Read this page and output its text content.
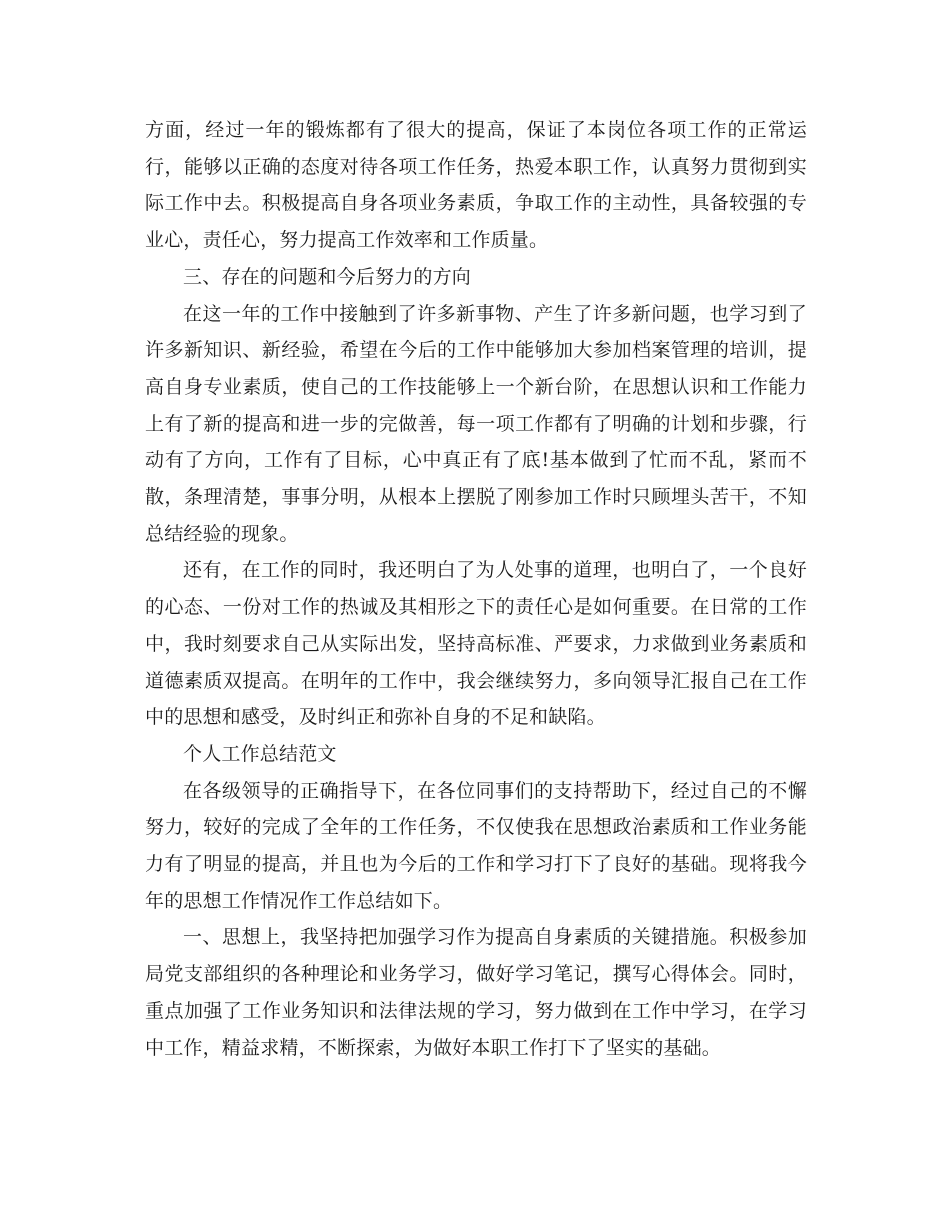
方面，经过一年的锻炼都有了很大的提高，保证了本岗位各项工作的正常运行，能够以正确的态度对待各项工作任务，热爱本职工作，认真努力贯彻到实际工作中去。积极提高自身各项业务素质，争取工作的主动性，具备较强的专业心，责任心，努力提高工作效率和工作质量。

三、存在的问题和今后努力的方向

在这一年的工作中接触到了许多新事物、产生了许多新问题，也学习到了许多新知识、新经验，希望在今后的工作中能够加大参加档案管理的培训，提高自身专业素质，使自己的工作技能够上一个新台阶，在思想认识和工作能力上有了新的提高和进一步的完做善，每一项工作都有了明确的计划和步骤，行动有了方向，工作有了目标，心中真正有了底!基本做到了忙而不乱，紧而不散，条理清楚，事事分明，从根本上摆脱了刚参加工作时只顾埋头苦干，不知总结经验的现象。

还有，在工作的同时，我还明白了为人处事的道理，也明白了，一个良好的心态、一份对工作的热诚及其相形之下的责任心是如何重要。在日常的工作中，我时刻要求自己从实际出发，坚持高标准、严要求，力求做到业务素质和道德素质双提高。在明年的工作中，我会继续努力，多向领导汇报自己在工作中的思想和感受，及时纠正和弥补自身的不足和缺陷。

个人工作总结范文

在各级领导的正确指导下，在各位同事们的支持帮助下，经过自己的不懈努力，较好的完成了全年的工作任务，不仅使我在思想政治素质和工作业务能力有了明显的提高，并且也为今后的工作和学习打下了良好的基础。现将我今年的思想工作情况作工作总结如下。

一、思想上，我坚持把加强学习作为提高自身素质的关键措施。积极参加局党支部组织的各种理论和业务学习，做好学习笔记，撰写心得体会。同时，重点加强了工作业务知识和法律法规的学习，努力做到在工作中学习，在学习中工作，精益求精，不断探索，为做好本职工作打下了坚实的基础。
